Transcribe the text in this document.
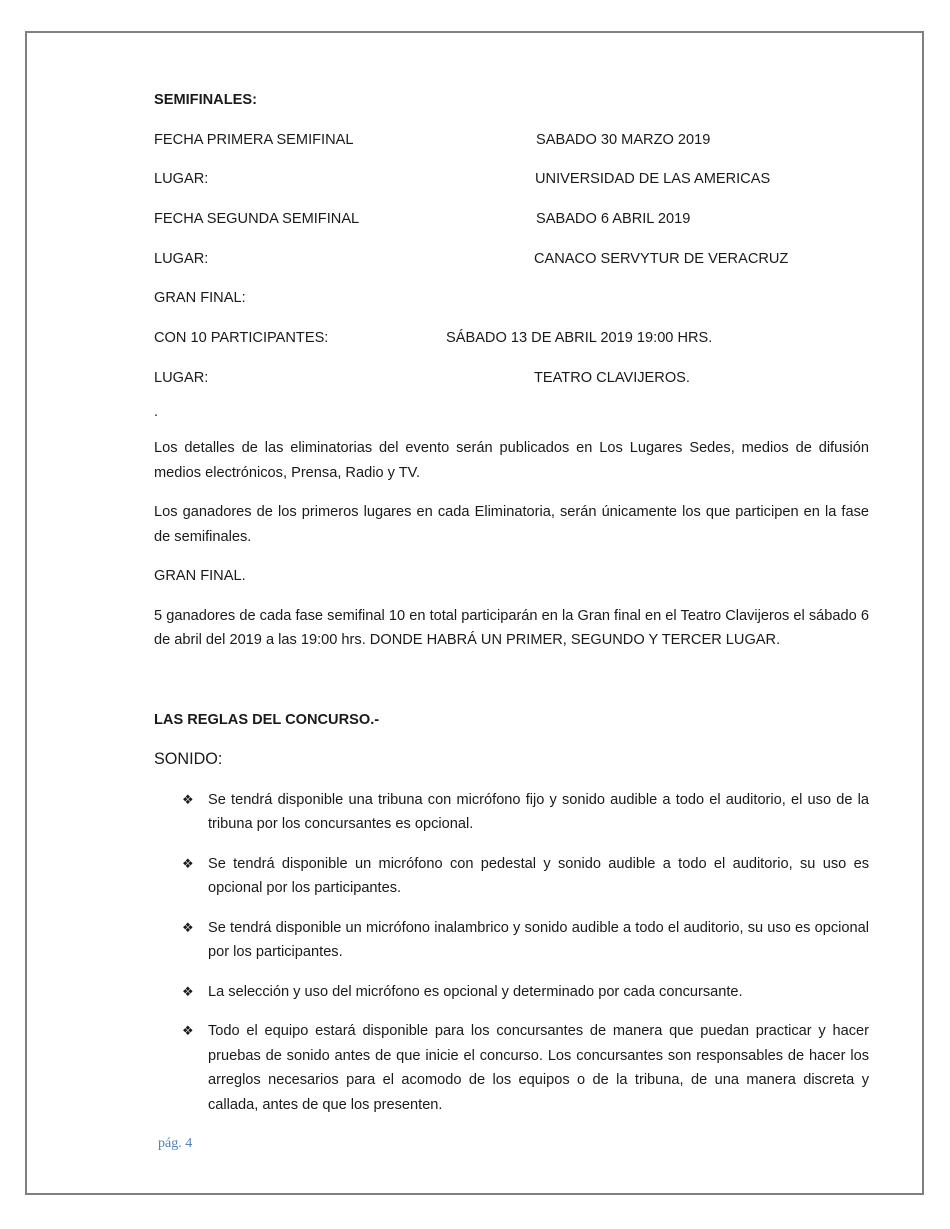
SEMIFINALES:
FECHA PRIMERA SEMIFINAL	SABADO 30 MARZO 2019
LUGAR:	UNIVERSIDAD DE LAS AMERICAS
FECHA SEGUNDA SEMIFINAL	SABADO 6 ABRIL 2019
LUGAR:	CANACO SERVYTUR DE VERACRUZ
GRAN FINAL:
CON 10 PARTICIPANTES:	SÁBADO 13 DE ABRIL 2019 19:00 HRS.
LUGAR:	TEATRO CLAVIJEROS.
.

Los detalles de las eliminatorias del evento serán publicados en Los Lugares Sedes, medios de difusión medios electrónicos, Prensa, Radio y TV.

Los ganadores de los primeros lugares en cada Eliminatoria, serán únicamente los que participen en la fase de semifinales.

GRAN FINAL.

5 ganadores de cada fase semifinal 10 en total participarán en la Gran final en el Teatro Clavijeros el sábado 6 de abril del 2019 a las 19:00 hrs. DONDE HABRÁ UN PRIMER, SEGUNDO Y TERCER LUGAR.

LAS REGLAS DEL CONCURSO.-
SONIDO:
❖ Se tendrá disponible una tribuna con micrófono fijo y sonido audible a todo el auditorio, el uso de la tribuna por los concursantes es opcional.
❖ Se tendrá disponible un micrófono con pedestal y sonido audible a todo el auditorio, su uso es opcional por los participantes.
❖ Se tendrá disponible un micrófono inalambrico y sonido audible a todo el auditorio, su uso es opcional por los participantes.
❖ La selección y uso del micrófono es opcional y determinado por cada concursante.
❖ Todo el equipo estará disponible para los concursantes de manera que puedan practicar y hacer pruebas de sonido antes de que inicie el concurso. Los concursantes son responsables de hacer los arreglos necesarios para el acomodo de los equipos o de la tribuna, de una manera discreta y callada, antes de que los presenten.
pág. 4
